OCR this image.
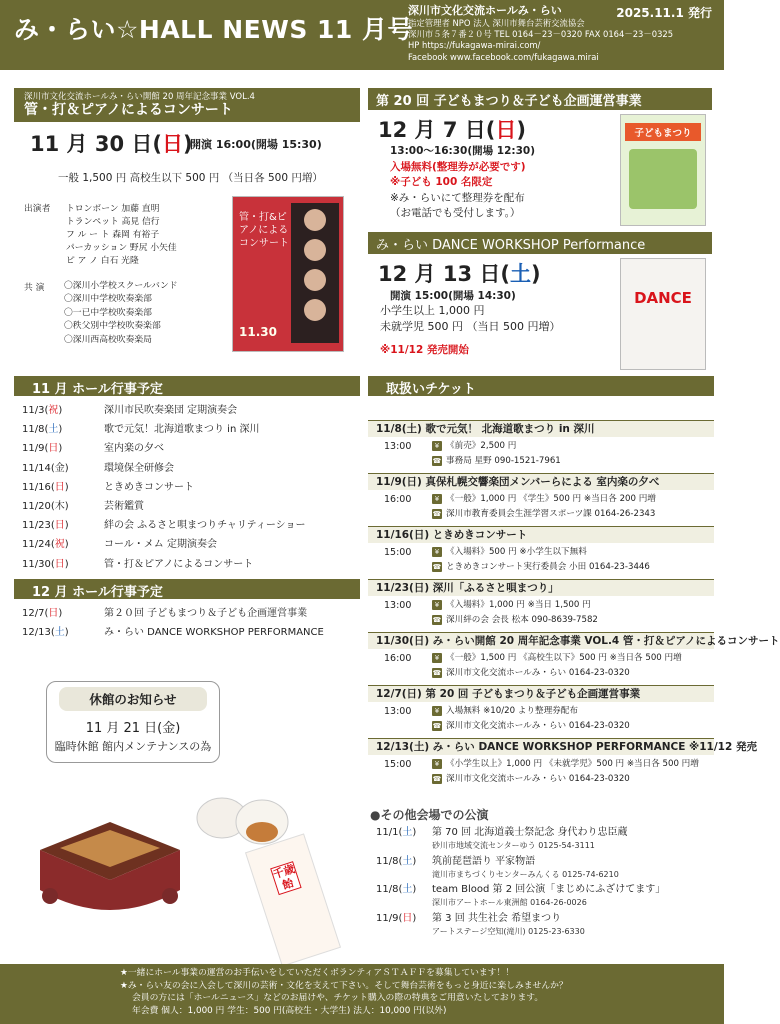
み・らい☆HALL NEWS 11 月号
深川市文化交流ホールみ・らい
指定管理者 NPO 法人 深川市舞台芸術交流協会
深川市５条７番２０号 TEL 0164－23－0320 FAX 0164－23－0325
HP https://fukagawa-mirai.com/
Facebook www.facebook.com/fukagawa.mirai
2025.11.1 発行
深川市文化交流ホールみ・らい開館 20 周年記念事業 VOL.4
管・打＆ピアノによるコンサート
11 月 30 日(日)
開演 16:00(開場 15:30)
一般 1,500 円 高校生以下 500 円 （当日各 500 円増）
出演者 トロンボーン 加藤 直明
トランペット 高見 信行
フ ル ー ト 森岡 有裕子
パーカッション 野尻 小矢佳
ピ ア ノ 白石 光隆
共 演 〇深川小学校スクールバンド
〇深川中学校吹奏楽部
〇一已中学校吹奏楽部
〇秩父別中学校吹奏楽部
〇深川西高校吹奏楽局
管・打&ピアノによるコンサート
11.30
第 20 回 子どもまつり＆子ども企画運営事業
12 月 7 日(日)
13:00～16:30(開場 12:30)
入場無料(整理券が必要です)
※子ども 100 名限定
※み・らいにて整理券を配布
（お電話でも受付します。）
子どもまつり
み・らい DANCE WORKSHOP Performance
12 月 13 日(土)
開演 15:00(開場 14:30)
小学生以上 1,000 円
未就学児 500 円 （当日 500 円増）
※11/12 発売開始
DANCE
11 月 ホール行事予定
11/3(祝)	深川市民吹奏楽団 定期演奏会
11/8(土)	歌で元気！北海道歌まつり in 深川
11/9(日)	室内楽の夕べ
11/14(金)	環境保全研修会
11/16(日)	ときめきコンサート
11/20(木)	芸術鑑賞
11/23(日)	絆の会 ふるさと唄まつりチャリティーショー
11/24(祝)	コール・メム 定期演奏会
11/30(日)	管・打＆ピアノによるコンサート
12 月 ホール行事予定
12/7(日)	第２０回 子どもまつり＆子ども企画運営事業
12/13(土)	み・らい DANCE WORKSHOP PERFORMANCE
休館のお知らせ
11 月 21 日(金)
臨時休館 館内メンテナンスの為
千歳飴
取扱いチケット
11/8(土) 歌で元気！ 北海道歌まつり in 深川
13:00	¥ 《前売》2,500 円
☎ 事務局 星野 090-1521-7961
11/9(日) 真保札幌交響楽団メンバーらによる 室内楽の夕べ
16:00	¥ 《一般》1,000 円 《学生》500 円 ※当日各 200 円増
☎ 深川市教育委員会生涯学習スポーツ課 0164-26-2343
11/16(日) ときめきコンサート
15:00	¥ 《入場料》500 円 ※小学生以下無料
☎ ときめきコンサート実行委員会 小田 0164-23-3446
11/23(日) 深川「ふるさと唄まつり」
13:00	¥ 《入場料》1,000 円 ※当日 1,500 円
☎ 深川絆の会 会長 松本 090-8639-7582
11/30(日) み・らい開館 20 周年記念事業 VOL.4 管・打＆ピアノによるコンサート
16:00	¥ 《一般》1,500 円 《高校生以下》500 円 ※当日各 500 円増
☎ 深川市文化交流ホールみ・らい 0164-23-0320
12/7(日) 第 20 回 子どもまつり＆子ども企画運営事業
13:00	¥ 入場無料 ※10/20 より整理券配布
☎ 深川市文化交流ホールみ・らい 0164-23-0320
12/13(土) み・らい DANCE WORKSHOP PERFORMANCE ※11/12 発売
15:00	¥ 《小学生以上》1,000 円 《未就学児》500 円 ※当日各 500 円増
☎ 深川市文化交流ホールみ・らい 0164-23-0320
●その他会場での公演
11/1(土)	第 70 回 北海道義士祭記念 身代わり忠臣蔵
砂川市地域交流センターゆう 0125-54-3111
11/8(土)	筑前琵琶語り 平家物語
滝川市まちづくりセンターみんくる 0125-74-6210
11/8(土)	team Blood 第 2 回公演「まじめにふざけてます」
深川市アートホール東洲館 0164-26-0026
11/9(日)	第 3 回 共生社会 希望まつり
アートステージ空知(滝川) 0125-23-6330
★一緒にホール事業の運営のお手伝いをしていただくボランティアＳＴＡＦＦを募集しています！！
★み・らい友の会に入会して深川の芸術・文化を支えて下さい。そして舞台芸術をもっと身近に楽しみませんか？
会員の方には「ホールニュース」などのお届けや、チケット購入の際の特典をご用意いたしております。
年会費 個人：1,000 円 学生：500 円(高校生・大学生) 法人：10,000 円(以外)
